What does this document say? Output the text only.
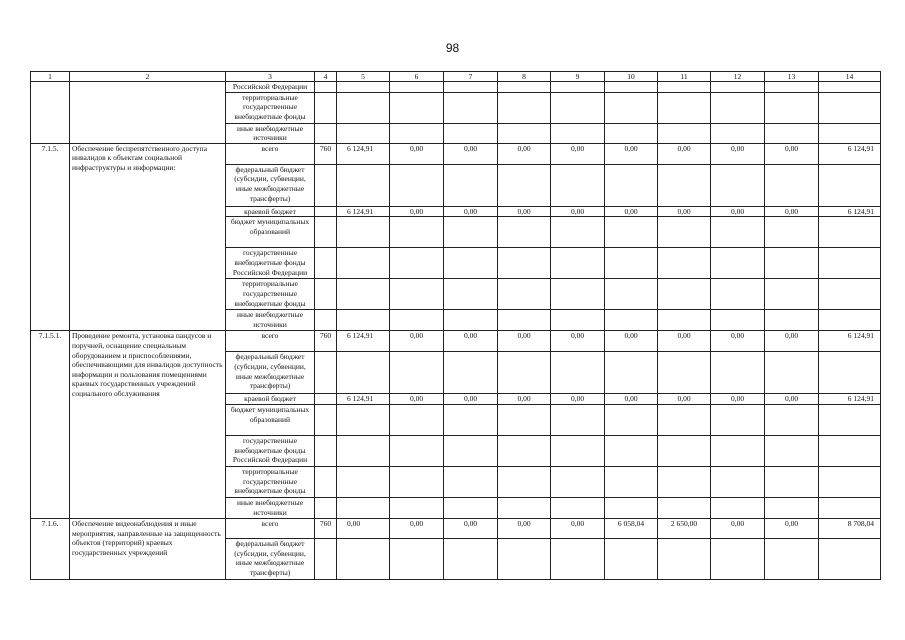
98
1	2	3	4	5	6	7	8	9	10	11	12	13	14
		Российской Федерации											
		территориальные государственные внебюджетные фонды											
		иные внебюджетные источники											
7.1.5.	Обеспечение беспрепятственного доступа инвалидов к объектам социальной инфраструктуры и информации:	всего	760	6 124,91	0,00	0,00	0,00	0,00	0,00	0,00	0,00	0,00	6 124,91
		федеральный бюджет (субсидии, субвенции, иные межбюджетные трансферты)											
		краевой бюджет		6 124,91	0,00	0,00	0,00	0,00	0,00	0,00	0,00	0,00	6 124,91
		бюджет муниципальных образований											
		государственные внебюджетные фонды Российской Федерации											
		территориальные государственные внебюджетные фонды											
		иные внебюджетные источники											
7.1.5.1.	Проведение ремонта, установка пандусов и поручней, оснащение специальным оборудованием и приспособлениями, обеспечивающими для инвалидов доступность информации и пользования помещениями краевых государственных учреждений социального обслуживания	всего	760	6 124,91	0,00	0,00	0,00	0,00	0,00	0,00	0,00	0,00	6 124,91
		федеральный бюджет (субсидии, субвенции, иные межбюджетные трансферты)											
		краевой бюджет		6 124,91	0,00	0,00	0,00	0,00	0,00	0,00	0,00	0,00	6 124,91
		бюджет муниципальных образований											
		государственные внебюджетные фонды Российской Федерации											
		территориальные государственные внебюджетные фонды											
		иные внебюджетные источники											
7.1.6.	Обеспечение видеонаблюдения и иные мероприятия, направленные на защищенность объектов (территорий) краевых государственных учреждений	всего	760	0,00	0,00	0,00	0,00	0,00	6 058,04	2 650,00	0,00	0,00	8 708,04
		федеральный бюджет (субсидии, субвенции, иные межбюджетные трансферты)											
